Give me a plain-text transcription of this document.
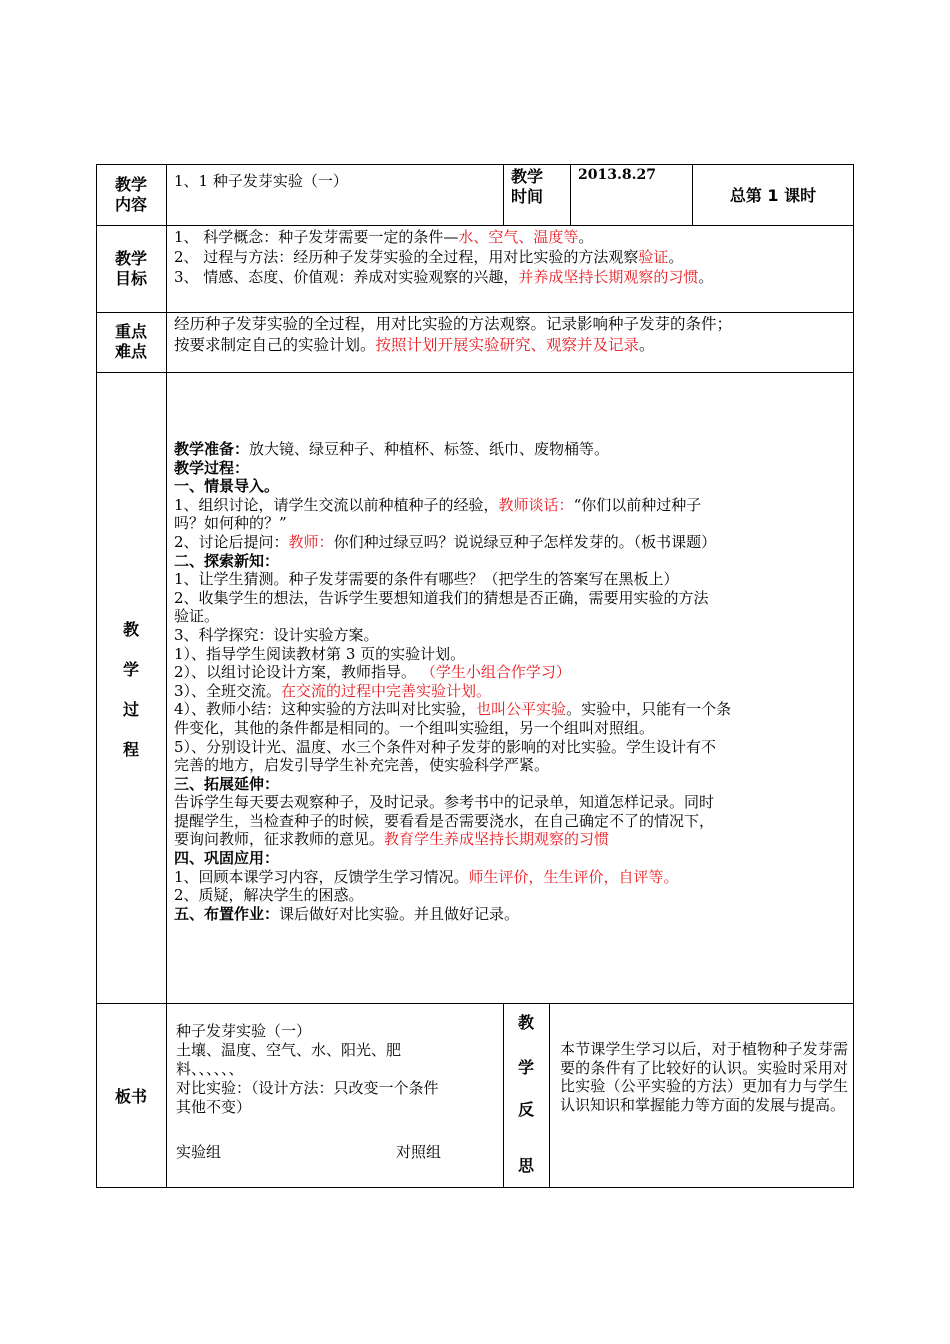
教学
内容
1、1 种子发芽实验（一）	教学
时间
2013.8.27
总第 1 课时
教学
目标
1、 科学概念：种子发芽需要一定的条件—水、空气、温度等。
2、 过程与方法：经历种子发芽实验的全过程，用对比实验的方法观察验证。
3、 情感、态度、价值观：养成对实验观察的兴趣，并养成坚持长期观察的习惯。
重点
难点
经历种子发芽实验的全过程，用对比实验的方法观察。记录影响种子发芽的条件；
按要求制定自己的实验计划。按照计划开展实验研究、观察并及记录。
教
学
过
程

教学准备：放大镜、绿豆种子、种植杯、标签、纸巾、废物桶等。

教学过程：

一、情景导入。

1、组织讨论，请学生交流以前种植种子的经验，教师谈话：“你们以前种过种子

吗？如何种的？”

2、讨论后提问：教师：你们种过绿豆吗？说说绿豆种子怎样发芽的。（板书课题）

二、探索新知：

1、让学生猜测。种子发芽需要的条件有哪些？（把学生的答案写在黑板上）

2、收集学生的想法，告诉学生要想知道我们的猜想是否正确，需要用实验的方法

验证。

3、科学探究：设计实验方案。

1）、指导学生阅读教材第 3 页的实验计划。

2）、以组讨论设计方案，教师指导。 （学生小组合作学习）

3）、全班交流。在交流的过程中完善实验计划。

4）、教师小结：这种实验的方法叫对比实验，也叫公平实验。实验中，只能有一个条

件变化，其他的条件都是相同的。一个组叫实验组，另一个组叫对照组。

5）、分别设计光、温度、水三个条件对种子发芽的影响的对比实验。学生设计有不

完善的地方，启发引导学生补充完善，使实验科学严紧。

三、拓展延伸：

告诉学生每天要去观察种子，及时记录。参考书中的记录单，知道怎样记录。同时

提醒学生，当检查种子的时候，要看看是否需要浇水，在自己确定不了的情况下，

要询问教师，征求教师的意见。教育学生养成坚持长期观察的习惯

四、巩固应用：

1、回顾本课学习内容，反馈学生学习情况。师生评价，生生评价，自评等。

2、质疑，解决学生的困惑。

五、布置作业：课后做好对比实验。并且做好记录。

板书
种子发芽实验（一）
土壤、温度、空气、水、阳光、肥
料、、、、、、
对比实验：（设计方法：只改变一个条件
其他不变）
实验组	对照组
教
学
反
思
本节课学生学习以后，对于植物种子发芽需要的条件有了比较好的认识。实验时采用对比实验（公平实验的方法）更加有力与学生认识知识和掌握能力等方面的发展与提高。
